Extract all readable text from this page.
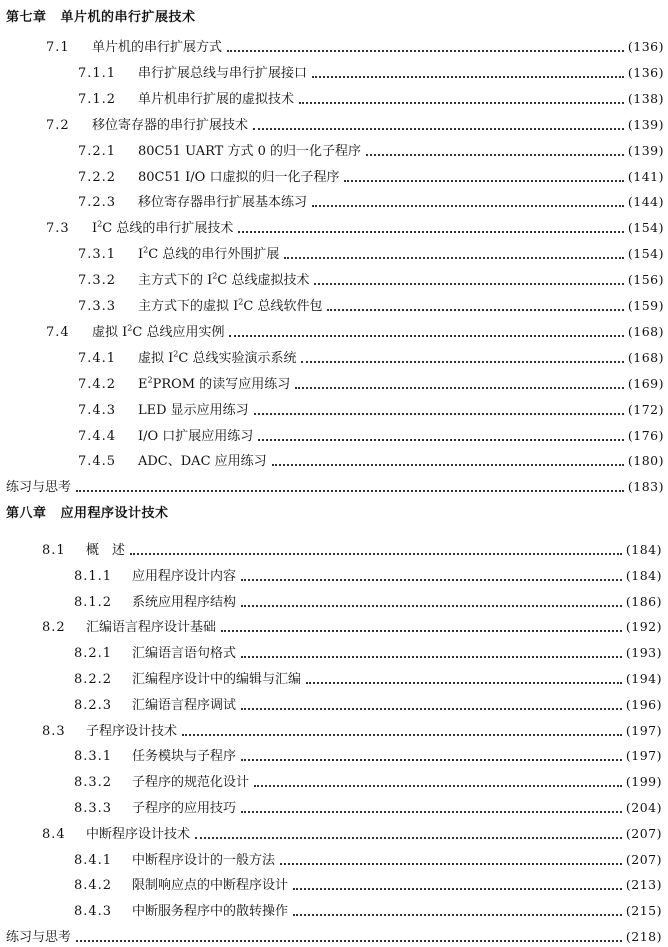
第七章 单片机的串行扩展技术
7.1	单片机的串行扩展方式	(136)
7.1.1	串行扩展总线与串行扩展接口	(136)
7.1.2	单片机串行扩展的虚拟技术	(138)
7.2	移位寄存器的串行扩展技术	(139)
7.2.1	80C51 UART 方式 0 的归一化子程序	(139)
7.2.2	80C51 I/O 口虚拟的归一化子程序	(141)
7.2.3	移位寄存器串行扩展基本练习	(144)
7.3	$I^2C$ 总线的串行扩展技术	(154)
7.3.1	$I^2C$ 总线的串行外围扩展	(154)
7.3.2	主方式下的 $I^2C$ 总线虚拟技术	(156)
7.3.3	主方式下的虚拟 $I^2C$ 总线软件包	(159)
7.4	虚拟 $I^2C$ 总线应用实例	(168)
7.4.1	虚拟 $I^2C$ 总线实验演示系统	(168)
7.4.2	$E^2PROM$ 的读写应用练习	(169)
7.4.3	LED 显示应用练习	(172)
7.4.4	I/O 口扩展应用练习	(176)
7.4.5	ADC、DAC 应用练习	(180)
练习与思考	(183)
第八章 应用程序设计技术
8.1	概　述	(184)
8.1.1	应用程序设计内容	(184)
8.1.2	系统应用程序结构	(186)
8.2	汇编语言程序设计基础	(192)
8.2.1	汇编语言语句格式	(193)
8.2.2	汇编程序设计中的编辑与汇编	(194)
8.2.3	汇编语言程序调试	(196)
8.3	子程序设计技术	(197)
8.3.1	任务模块与子程序	(197)
8.3.2	子程序的规范化设计	(199)
8.3.3	子程序的应用技巧	(204)
8.4	中断程序设计技术	(207)
8.4.1	中断程序设计的一般方法	(207)
8.4.2	限制响应点的中断程序设计	(213)
8.4.3	中断服务程序中的散转操作	(215)
练习与思考	(218)
